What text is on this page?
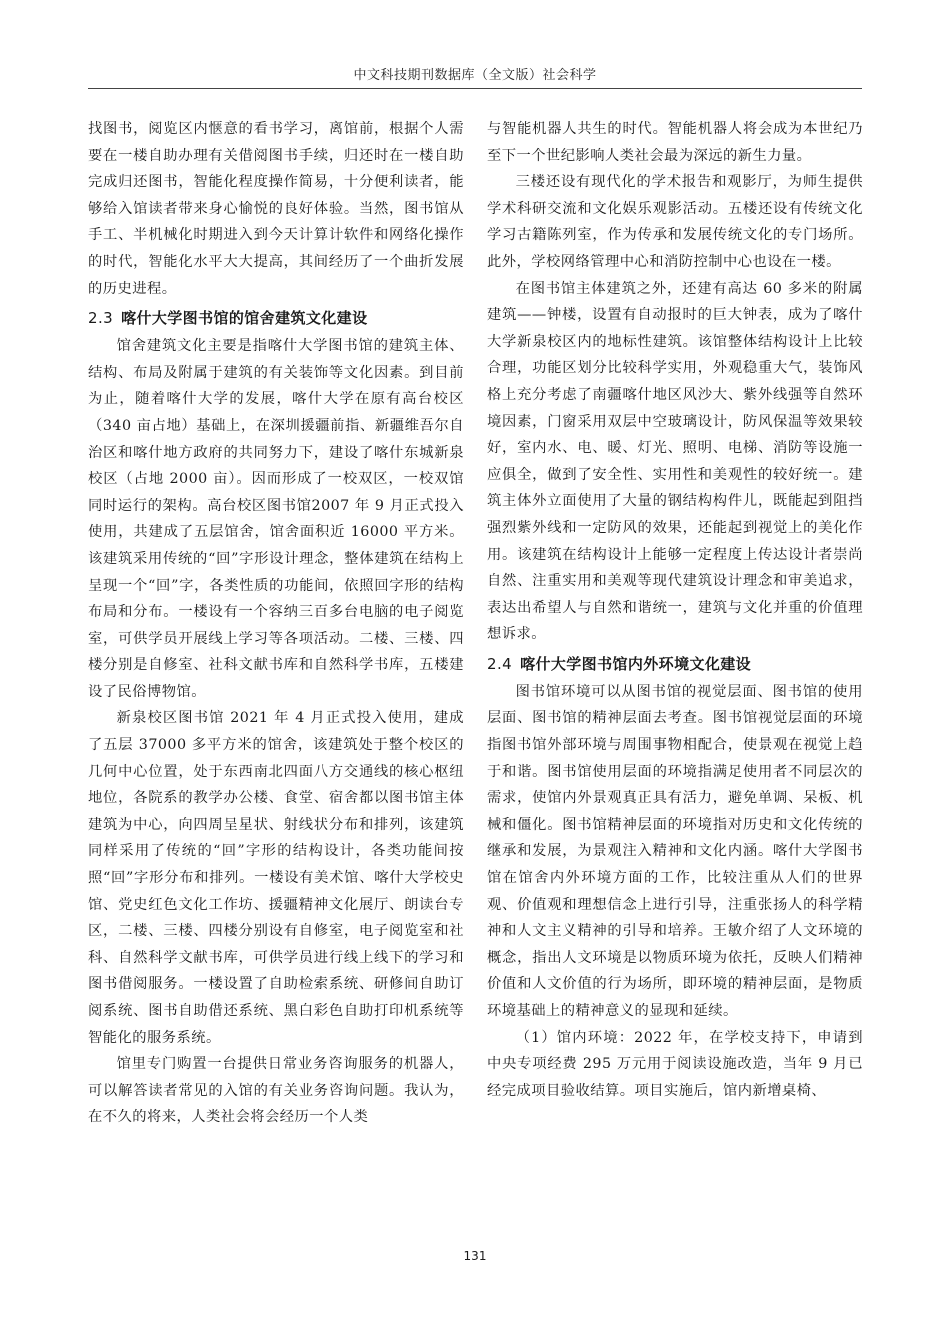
中文科技期刊数据库（全文版）社会科学

找图书，阅览区内惬意的看书学习，离馆前，根据个人需要在一楼自助办理有关借阅图书手续，归还时在一楼自助完成归还图书，智能化程度操作简易，十分便利读者，能够给入馆读者带来身心愉悦的良好体验。当然，图书馆从手工、半机械化时期进入到今天计算计软件和网络化操作的时代，智能化水平大大提高，其间经历了一个曲折发展的历史进程。

2.3 喀什大学图书馆的馆舍建筑文化建设

馆舍建筑文化主要是指喀什大学图书馆的建筑主体、结构、布局及附属于建筑的有关装饰等文化因素。到目前为止，随着喀什大学的发展，喀什大学在原有高台校区（340 亩占地）基础上，在深圳援疆前指、新疆维吾尔自治区和喀什地方政府的共同努力下，建设了喀什东城新泉校区（占地 2000 亩）。因而形成了一校双区，一校双馆同时运行的架构。高台校区图书馆2007 年 9 月正式投入使用，共建成了五层馆舍，馆舍面积近 16000 平方米。该建筑采用传统的“回”字形设计理念，整体建筑在结构上呈现一个“回”字，各类性质的功能间，依照回字形的结构布局和分布。一楼设有一个容纳三百多台电脑的电子阅览室，可供学员开展线上学习等各项活动。二楼、三楼、四楼分别是自修室、社科文献书库和自然科学书库，五楼建设了民俗博物馆。

新泉校区图书馆 2021 年 4 月正式投入使用，建成了五层 37000 多平方米的馆舍，该建筑处于整个校区的几何中心位置，处于东西南北四面八方交通线的核心枢纽地位，各院系的教学办公楼、食堂、宿舍都以图书馆主体建筑为中心，向四周呈星状、射线状分布和排列，该建筑同样采用了传统的“回”字形的结构设计，各类功能间按照“回”字形分布和排列。一楼设有美术馆、喀什大学校史馆、党史红色文化工作坊、援疆精神文化展厅、朗读台专区，二楼、三楼、四楼分别设有自修室，电子阅览室和社科、自然科学文献书库，可供学员进行线上线下的学习和图书借阅服务。一楼设置了自助检索系统、研修间自助订阅系统、图书自助借还系统、黑白彩色自助打印机系统等智能化的服务系统。

馆里专门购置一台提供日常业务咨询服务的机器人，可以解答读者常见的入馆的有关业务咨询问题。我认为，在不久的将来，人类社会将会经历一个人类

与智能机器人共生的时代。智能机器人将会成为本世纪乃至下一个世纪影响人类社会最为深远的新生力量。

三楼还设有现代化的学术报告和观影厅，为师生提供学术科研交流和文化娱乐观影活动。五楼还设有传统文化学习古籍陈列室，作为传承和发展传统文化的专门场所。此外，学校网络管理中心和消防控制中心也设在一楼。

在图书馆主体建筑之外，还建有高达 60 多米的附属建筑——钟楼，设置有自动报时的巨大钟表，成为了喀什大学新泉校区内的地标性建筑。该馆整体结构设计上比较合理，功能区划分比较科学实用，外观稳重大气，装饰风格上充分考虑了南疆喀什地区风沙大、紫外线强等自然环境因素，门窗采用双层中空玻璃设计，防风保温等效果较好，室内水、电、暖、灯光、照明、电梯、消防等设施一应俱全，做到了安全性、实用性和美观性的较好统一。建筑主体外立面使用了大量的钢结构构件儿，既能起到阻挡强烈紫外线和一定防风的效果，还能起到视觉上的美化作用。该建筑在结构设计上能够一定程度上传达设计者崇尚自然、注重实用和美观等现代建筑设计理念和审美追求，表达出希望人与自然和谐统一，建筑与文化并重的价值理想诉求。

2.4 喀什大学图书馆内外环境文化建设

图书馆环境可以从图书馆的视觉层面、图书馆的使用层面、图书馆的精神层面去考查。图书馆视觉层面的环境指图书馆外部环境与周围事物相配合，使景观在视觉上趋于和谐。图书馆使用层面的环境指满足使用者不同层次的需求，使馆内外景观真正具有活力，避免单调、呆板、机械和僵化。图书馆精神层面的环境指对历史和文化传统的继承和发展，为景观注入精神和文化内涵。喀什大学图书馆在馆舍内外环境方面的工作，比较注重从人们的世界观、价值观和理想信念上进行引导，注重张扬人的科学精神和人文主义精神的引导和培养。王敏介绍了人文环境的概念，指出人文环境是以物质环境为依托，反映人们精神价值和人文价值的行为场所，即环境的精神层面，是物质环境基础上的精神意义的显现和延续。

（1）馆内环境：2022 年，在学校支持下，申请到中央专项经费 295 万元用于阅读设施改造，当年 9 月已经完成项目验收结算。项目实施后，馆内新增桌椅、

131
